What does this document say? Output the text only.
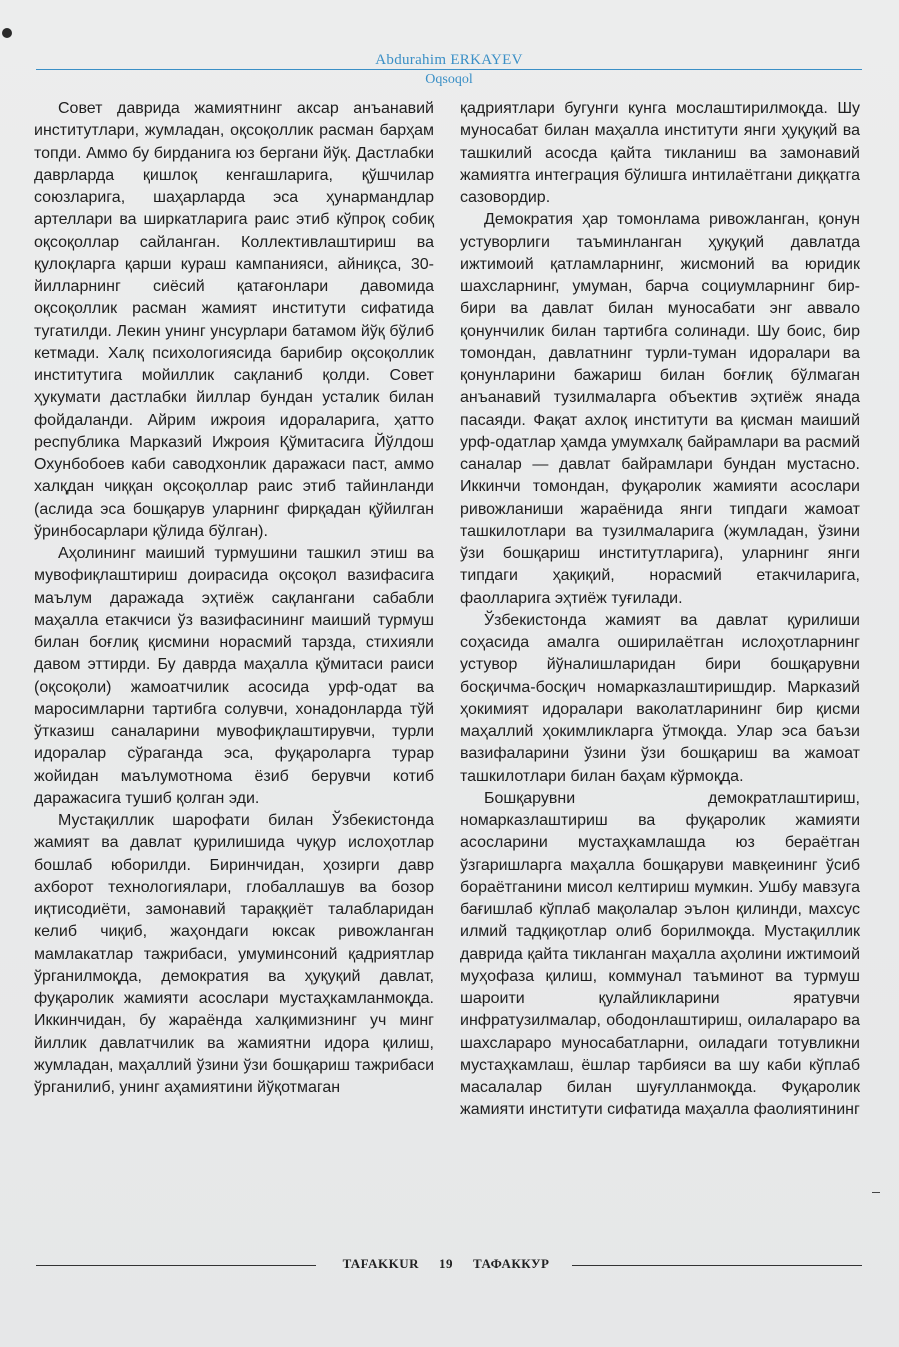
Abdurahim ERKAYEV
Oqsoqol

Совет даврида жамиятнинг аксар анъанавий институтлари, жумладан, оқсоқоллик расман барҳам топди. Аммо бу бирданига юз бергани йўқ. Дастлабки даврларда қишлоқ кенгашларига, қўшчилар союзларига, шаҳарларда эса ҳунармандлар артеллари ва ширкатларига раис этиб кўпроқ собиқ оқсоқоллар сайланган. Коллективлаштириш ва қулоқларга қарши кураш кампанияси, айниқса, 30-йилларнинг сиёсий қатағонлари давомида оқсоқоллик расман жамият институти сифатида тугатилди. Лекин унинг унсурлари батамом йўқ бўлиб кетмади. Халқ психологиясида барибир оқсоқоллик институтига мойиллик сақланиб қолди. Совет ҳукумати дастлабки йиллар бундан усталик билан фойдаланди. Айрим ижроия идораларига, ҳатто республика Марказий Ижроия Қўмитасига Йўлдош Охунбобоев каби саводхонлик даражаси паст, аммо халқдан чиққан оқсоқоллар раис этиб тайинланди (аслида эса бошқарув уларнинг фирқадан қўйилган ўринбосарлари қўлида бўлган).

Аҳолининг маиший турмушини ташкил этиш ва мувофиқлаштириш доирасида оқсоқол вазифасига маълум даражада эҳтиёж сақлангани сабабли маҳалла етакчиси ўз вазифасининг маиший турмуш билан боғлиқ қисмини норасмий тарзда, стихияли давом эттирди. Бу даврда маҳалла қўмитаси раиси (оқсоқоли) жамоатчилик асосида урф-одат ва маросимларни тартибга солувчи, хонадонларда тўй ўтказиш саналарини мувофиқлаштирувчи, турли идоралар сўраганда эса, фуқароларга турар жойидан маълумотнома ёзиб берувчи котиб даражасига тушиб қолган эди.

Мустақиллик шарофати билан Ўзбекистонда жамият ва давлат қурилишида чуқур ислоҳотлар бошлаб юборилди. Биринчидан, ҳозирги давр ахборот технологиялари, глобаллашув ва бозор иқтисодиёти, замонавий тараққиёт талабларидан келиб чиқиб, жаҳондаги юксак ривожланган мамлакатлар тажрибаси, умуминсоний қадриятлар ўрганилмоқда, демократия ва ҳуқуқий давлат, фуқаролик жамияти асослари мустаҳкамланмоқда. Иккинчидан, бу жараёнда халқимизнинг уч минг йиллик давлатчилик ва жамиятни идора қилиш, жумладан, маҳаллий ўзини ўзи бошқариш тажрибаси ўрганилиб, унинг аҳамиятини йўқотмаган

қадриятлари бугунги кунга мослаштирилмоқда. Шу муносабат билан маҳалла институти янги ҳуқуқий ва ташкилий асосда қайта тикланиш ва замонавий жамиятга интеграция бўлишга интилаётгани диққатга сазовордир.

Демократия ҳар томонлама ривожланган, қонун устуворлиги таъминланган ҳуқуқий давлатда ижтимоий қатламларнинг, жисмоний ва юридик шахсларнинг, умуман, барча социумларнинг бир-бири ва давлат билан муносабати энг аввало қонунчилик билан тартибга солинади. Шу боис, бир томондан, давлатнинг турли-туман идоралари ва қонунларини бажариш билан боғлиқ бўлмаган анъанавий тузилмаларга объектив эҳтиёж янада пасаяди. Фақат ахлоқ институти ва қисман маиший урф-одатлар ҳамда умумхалқ байрамлари ва расмий саналар — давлат байрамлари бундан мустасно. Иккинчи томондан, фуқаролик жамияти асослари ривожланиши жараёнида янги типдаги жамоат ташкилотлари ва тузилмаларига (жумладан, ўзини ўзи бошқариш институтларига), уларнинг янги типдаги ҳақиқий, норасмий етакчиларига, фаолларига эҳтиёж туғилади.

Ўзбекистонда жамият ва давлат қурилиши соҳасида амалга оширилаётган ислоҳотларнинг устувор йўналишларидан бири бошқарувни босқичма-босқич номарказлаштиришдир. Марказий ҳокимият идоралари ваколатларининг бир қисми маҳаллий ҳокимликларга ўтмоқда. Улар эса баъзи вазифаларини ўзини ўзи бошқариш ва жамоат ташкилотлари билан баҳам кўрмоқда.

Бошқарувни демократлаштириш, номарказлаштириш ва фуқаролик жамияти асосларини мустаҳкамлашда юз бераётган ўзгаришларга маҳалла бошқаруви мавқеининг ўсиб бораётганини мисол келтириш мумкин. Ушбу мавзуга бағишлаб кўплаб мақолалар эълон қилинди, махсус илмий тадқиқотлар олиб борилмоқда. Мустақиллик даврида қайта тикланган маҳалла аҳолини ижтимоий муҳофаза қилиш, коммунал таъминот ва турмуш шароити қулайликларини яратувчи инфратузилмалар, ободонлаштириш, оилалараро ва шахслараро муносабатларни, оиладаги тотувликни мустаҳкамлаш, ёшлар тарбияси ва шу каби кўплаб масалалар билан шуғулланмоқда. Фуқаролик жамияти институти сифатида маҳалла фаолиятининг

TAFAKKUR 19 ТАФАККУР
